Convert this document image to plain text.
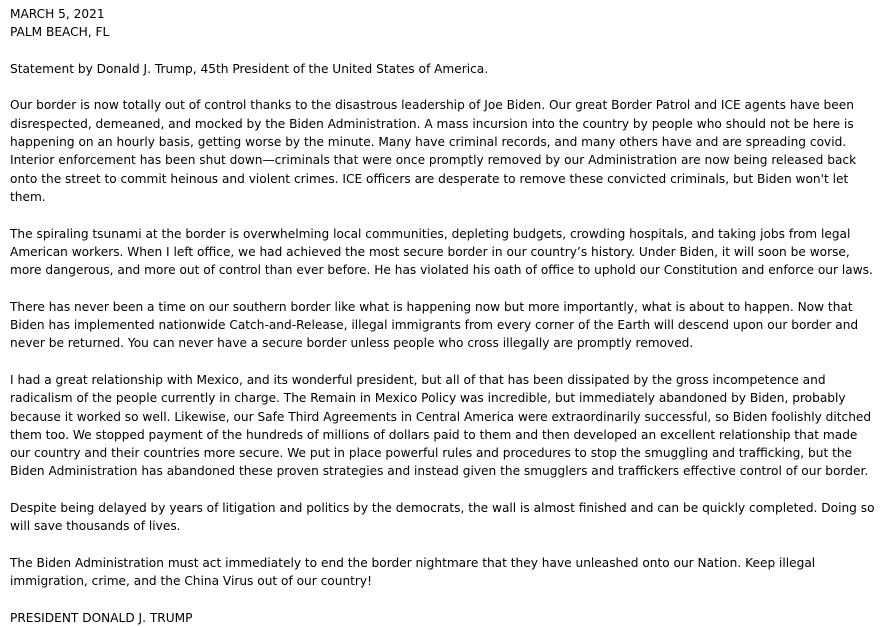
MARCH 5, 2021
PALM BEACH, FL
Statement by Donald J. Trump, 45th President of the United States of America.
Our border is now totally out of control thanks to the disastrous leadership of Joe Biden. Our great Border Patrol and ICE agents have been
disrespected, demeaned, and mocked by the Biden Administration. A mass incursion into the country by people who should not be here is
happening on an hourly basis, getting worse by the minute. Many have criminal records, and many others have and are spreading covid.
Interior enforcement has been shut down—criminals that were once promptly removed by our Administration are now being released back
onto the street to commit heinous and violent crimes. ICE officers are desperate to remove these convicted criminals, but Biden won't let
them.
The spiraling tsunami at the border is overwhelming local communities, depleting budgets, crowding hospitals, and taking jobs from legal
American workers. When I left office, we had achieved the most secure border in our country’s history. Under Biden, it will soon be worse,
more dangerous, and more out of control than ever before. He has violated his oath of office to uphold our Constitution and enforce our laws.
There has never been a time on our southern border like what is happening now but more importantly, what is about to happen. Now that
Biden has implemented nationwide Catch-and-Release, illegal immigrants from every corner of the Earth will descend upon our border and
never be returned. You can never have a secure border unless people who cross illegally are promptly removed.
I had a great relationship with Mexico, and its wonderful president, but all of that has been dissipated by the gross incompetence and
radicalism of the people currently in charge. The Remain in Mexico Policy was incredible, but immediately abandoned by Biden, probably
because it worked so well. Likewise, our Safe Third Agreements in Central America were extraordinarily successful, so Biden foolishly ditched
them too. We stopped payment of the hundreds of millions of dollars paid to them and then developed an excellent relationship that made
our country and their countries more secure. We put in place powerful rules and procedures to stop the smuggling and trafficking, but the
Biden Administration has abandoned these proven strategies and instead given the smugglers and traffickers effective control of our border.
Despite being delayed by years of litigation and politics by the democrats, the wall is almost finished and can be quickly completed. Doing so
will save thousands of lives.
The Biden Administration must act immediately to end the border nightmare that they have unleashed onto our Nation. Keep illegal
immigration, crime, and the China Virus out of our country!
PRESIDENT DONALD J. TRUMP
